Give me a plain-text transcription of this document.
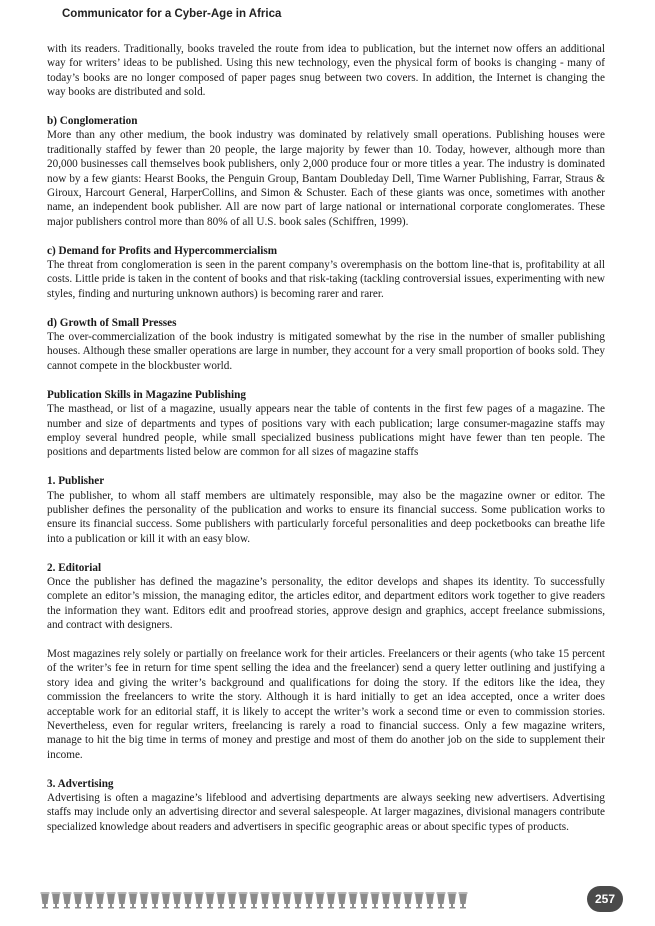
Communicator for a Cyber-Age in Africa

with its readers. Traditionally, books traveled the route from idea to publication, but the internet now offers an additional way for writers’ ideas to be published. Using this new technology, even the physical form of books is changing - many of today’s books are no longer composed of paper pages snug between two covers. In addition, the Internet is changing the way books are distributed and sold.

b) Conglomeration

More than any other medium, the book industry was dominated by relatively small operations. Publishing houses were traditionally staffed by fewer than 20 people, the large majority by fewer than 10. Today, however, although more than 20,000 businesses call themselves book publishers, only 2,000 produce four or more titles a year. The industry is dominated now by a few giants: Hearst Books, the Penguin Group, Bantam Doubleday Dell, Time Warner Publishing, Farrar, Straus & Giroux, Harcourt General, HarperCollins, and Simon & Schuster. Each of these giants was once, sometimes with another name, an independent book publisher. All are now part of large national or international corporate conglomerates. These major publishers control more than 80% of all U.S. book sales (Schiffren, 1999).

c) Demand for Profits and Hypercommercialism

The threat from conglomeration is seen in the parent company’s overemphasis on the bottom line-that is, profitability at all costs. Little pride is taken in the content of books and that risk-taking (tackling controversial issues, experimenting with new styles, finding and nurturing unknown authors) is becoming rarer and rarer.

d) Growth of Small Presses

The over-commercialization of the book industry is mitigated somewhat by the rise in the number of smaller publishing houses. Although these smaller operations are large in number, they account for a very small proportion of books sold. They cannot compete in the blockbuster world.

Publication Skills in Magazine Publishing

The masthead, or list of a magazine, usually appears near the table of contents in the first few pages of a magazine. The number and size of departments and types of positions vary with each publication; large consumer-magazine staffs may employ several hundred people, while small specialized business publications might have fewer than ten people. The positions and departments listed below are common for all sizes of magazine staffs

1. Publisher

The publisher, to whom all staff members are ultimately responsible, may also be the magazine owner or editor. The publisher defines the personality of the publication and works to ensure its financial success. Some publication works to ensure its financial success. Some publishers with particularly forceful personalities and deep pocketbooks can breathe life into a publication or kill it with an easy blow.

2. Editorial

Once the publisher has defined the magazine’s personality, the editor develops and shapes its identity. To successfully complete an editor’s mission, the managing editor, the articles editor, and department editors work together to give readers the information they want. Editors edit and proofread stories, approve design and graphics, accept freelance submissions, and contract with designers.

Most magazines rely solely or partially on freelance work for their articles. Freelancers or their agents (who take 15 percent of the writer’s fee in return for time spent selling the idea and the freelancer) send a query letter outlining and justifying a story idea and giving the writer’s background and qualifications for doing the story. If the editors like the idea, they commission the freelancers to write the story. Although it is hard initially to get an idea accepted, once a writer does acceptable work for an editorial staff, it is likely to accept the writer’s work a second time or even to commission stories. Nevertheless, even for regular writers, freelancing is rarely a road to financial success. Only a few magazine writers, manage to hit the big time in terms of money and prestige and most of them do another job on the side to supplement their income.

3. Advertising

Advertising is often a magazine’s lifeblood and advertising departments are always seeking new advertisers. Advertising staffs may include only an advertising director and several salespeople. At larger magazines, divisional managers contribute specialized knowledge about readers and advertisers in specific geographic areas or about specific types of products.

257
